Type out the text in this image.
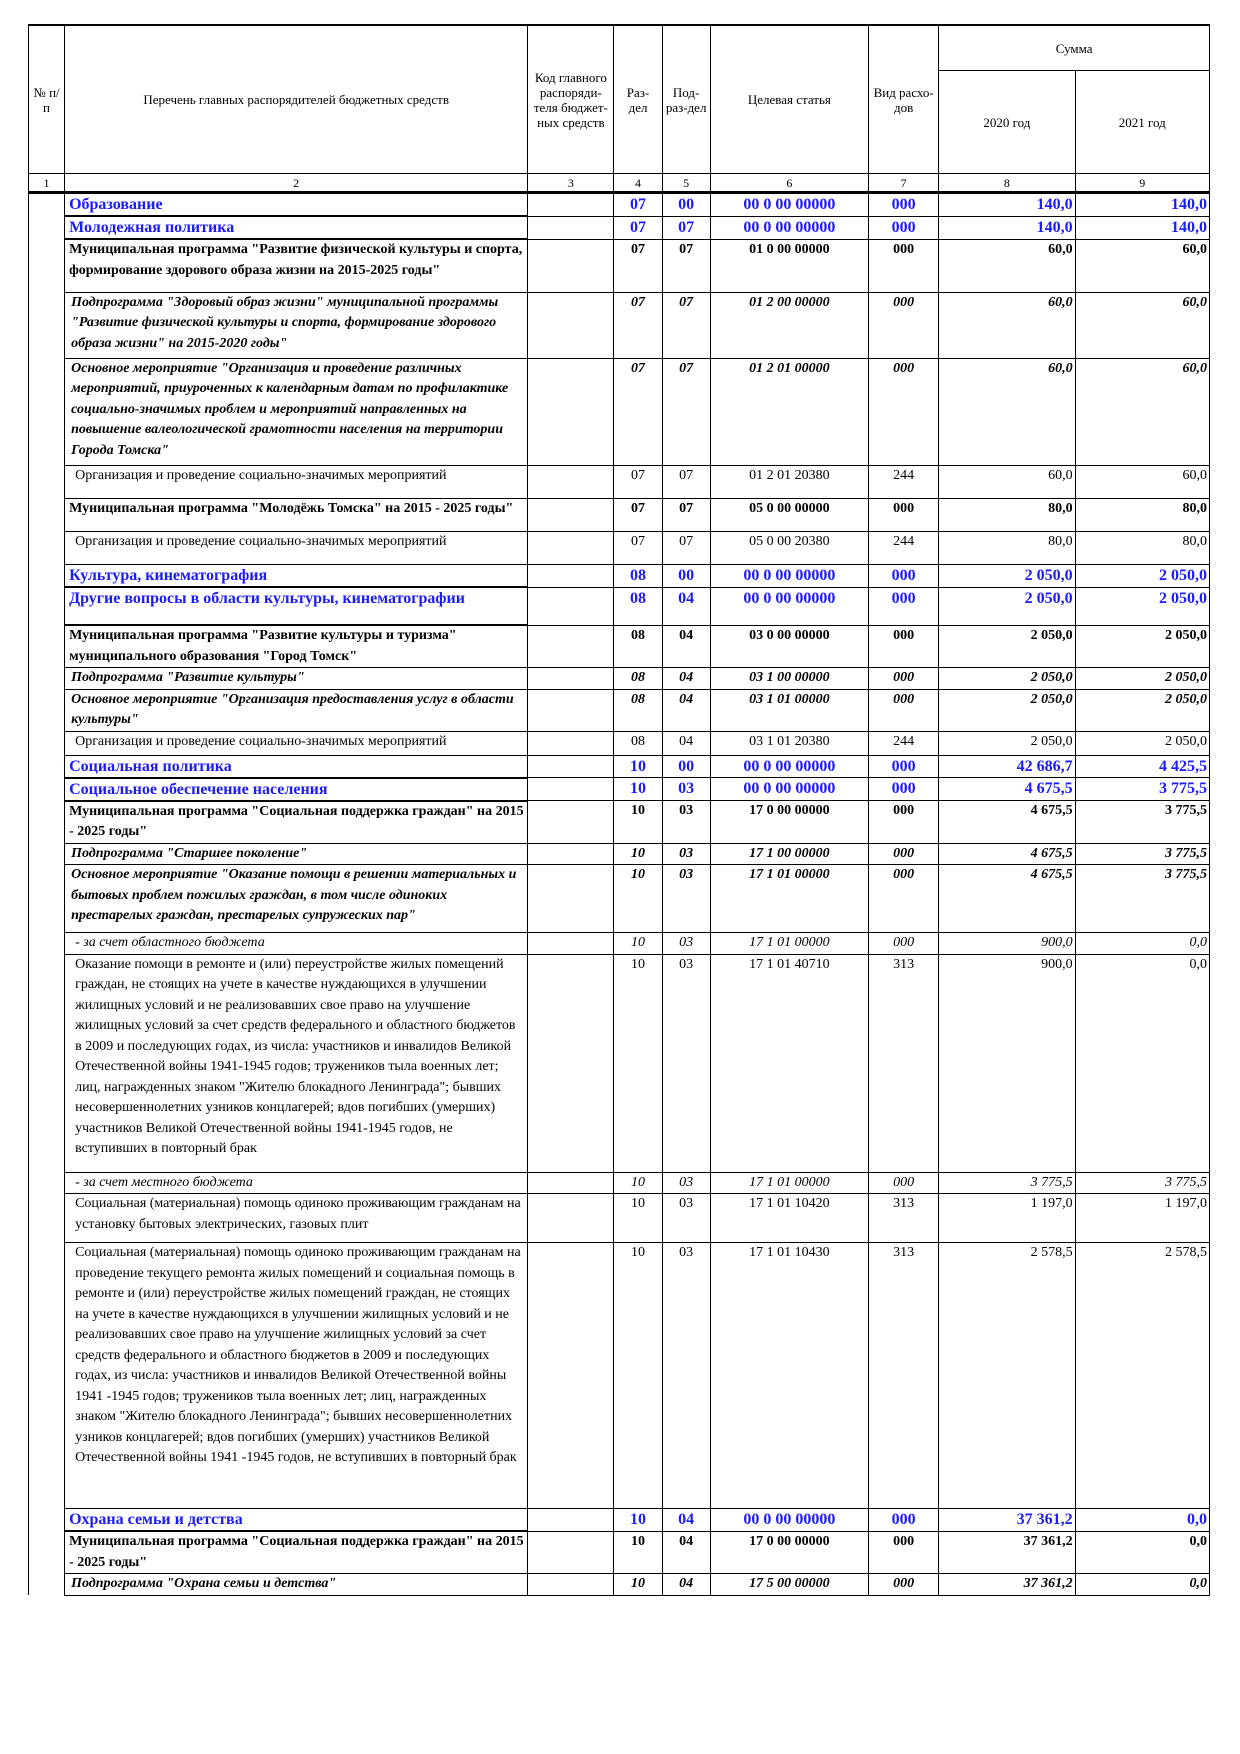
№ п/п	Перечень главных распорядителей бюджетных средств	Код главного распоряди-теля бюджет-ных средств	Раз-дел	Под-раз-дел	Целевая статья	Вид расхо-дов	Сумма	
							2020 год	2021 год
1	2	3	4	5	6	7	8	9
	Образование		07	00	00 0 00 00000	000	140,0	140,0
	Молодежная политика		07	07	00 0 00 00000	000	140,0	140,0
	Муниципальная программа "Развитие физической культуры и спорта, формирование здорового образа жизни на 2015-2025 годы"		07	07	01 0 00 00000	000	60,0	60,0
	Подпрограмма "Здоровый образ жизни" муниципальной программы "Развитие физической культуры и спорта, формирование здорового образа жизни" на 2015-2020 годы"		07	07	01 2 00 00000	000	60,0	60,0
	Основное мероприятие "Организация и проведение различных мероприятий, приуроченных к календарным датам по профилактике социально-значимых проблем и мероприятий направленных на повышение валеологической грамотности населения на территории Города Томска"		07	07	01 2 01 00000	000	60,0	60,0
	Организация и проведение социально-значимых мероприятий		07	07	01 2 01 20380	244	60,0	60,0
	Муниципальная программа "Молодёжь Томска" на 2015 - 2025 годы"		07	07	05 0 00 00000	000	80,0	80,0
	Организация и проведение социально-значимых мероприятий		07	07	05 0 00 20380	244	80,0	80,0
	Культура, кинематография		08	00	00 0 00 00000	000	2 050,0	2 050,0
	Другие вопросы в области культуры, кинематографии		08	04	00 0 00 00000	000	2 050,0	2 050,0
	Муниципальная программа "Развитие культуры и туризма" муниципального образования "Город Томск"		08	04	03 0 00 00000	000	2 050,0	2 050,0
	Подпрограмма "Развитие культуры"		08	04	03 1 00 00000	000	2 050,0	2 050,0
	Основное мероприятие "Организация предоставления услуг в области культуры"		08	04	03 1 01 00000	000	2 050,0	2 050,0
	Организация и проведение социально-значимых мероприятий		08	04	03 1 01 20380	244	2 050,0	2 050,0
	Социальная политика		10	00	00 0 00 00000	000	42 686,7	4 425,5
	Социальное обеспечение населения		10	03	00 0 00 00000	000	4 675,5	3 775,5
	Муниципальная программа "Социальная поддержка граждан" на 2015 - 2025 годы"		10	03	17 0 00 00000	000	4 675,5	3 775,5
	Подпрограмма "Старшее поколение"		10	03	17 1 00 00000	000	4 675,5	3 775,5
	Основное мероприятие "Оказание помощи в решении материальных и бытовых проблем пожилых граждан, в том числе одиноких престарелых граждан, престарелых супружеских пар"		10	03	17 1 01 00000	000	4 675,5	3 775,5
	- за счет областного бюджета		10	03	17 1 01 00000	000	900,0	0,0
	Оказание помощи в ремонте и (или) переустройстве жилых помещений граждан, не стоящих на учете в качестве нуждающихся в улучшении жилищных условий и не реализовавших свое право на улучшение жилищных условий за счет средств федерального и областного бюджетов в 2009 и последующих годах, из числа: участников и инвалидов Великой Отечественной войны 1941-1945 годов; тружеников тыла военных лет; лиц, награжденных знаком "Жителю блокадного Ленинграда"; бывших несовершеннолетних узников концлагерей; вдов погибших (умерших) участников Великой Отечественной войны 1941-1945 годов, не вступивших в повторный брак		10	03	17 1 01 40710	313	900,0	0,0
	- за счет местного бюджета		10	03	17 1 01 00000	000	3 775,5	3 775,5
	Социальная (материальная) помощь одиноко проживающим гражданам на установку бытовых электрических, газовых плит		10	03	17 1 01 10420	313	1 197,0	1 197,0
	Социальная (материальная) помощь одиноко проживающим гражданам на проведение текущего ремонта жилых помещений и социальная помощь в ремонте и (или) переустройстве жилых помещений граждан, не стоящих на учете в качестве нуждающихся в улучшении жилищных условий и не реализовавших свое право на улучшение жилищных условий за счет средств федерального и областного бюджетов в 2009 и последующих годах, из числа: участников и инвалидов Великой Отечественной войны 1941 -1945 годов; тружеников тыла военных лет; лиц, награжденных знаком "Жителю блокадного Ленинграда"; бывших несовершеннолетних узников концлагерей; вдов погибших (умерших) участников Великой Отечественной войны 1941 -1945 годов, не вступивших в повторный брак		10	03	17 1 01 10430	313	2 578,5	2 578,5
	Охрана семьи и детства		10	04	00 0 00 00000	000	37 361,2	0,0
	Муниципальная программа "Социальная поддержка граждан" на 2015 - 2025 годы"		10	04	17 0 00 00000	000	37 361,2	0,0
	Подпрограмма "Охрана семьи и детства"		10	04	17 5 00 00000	000	37 361,2	0,0
